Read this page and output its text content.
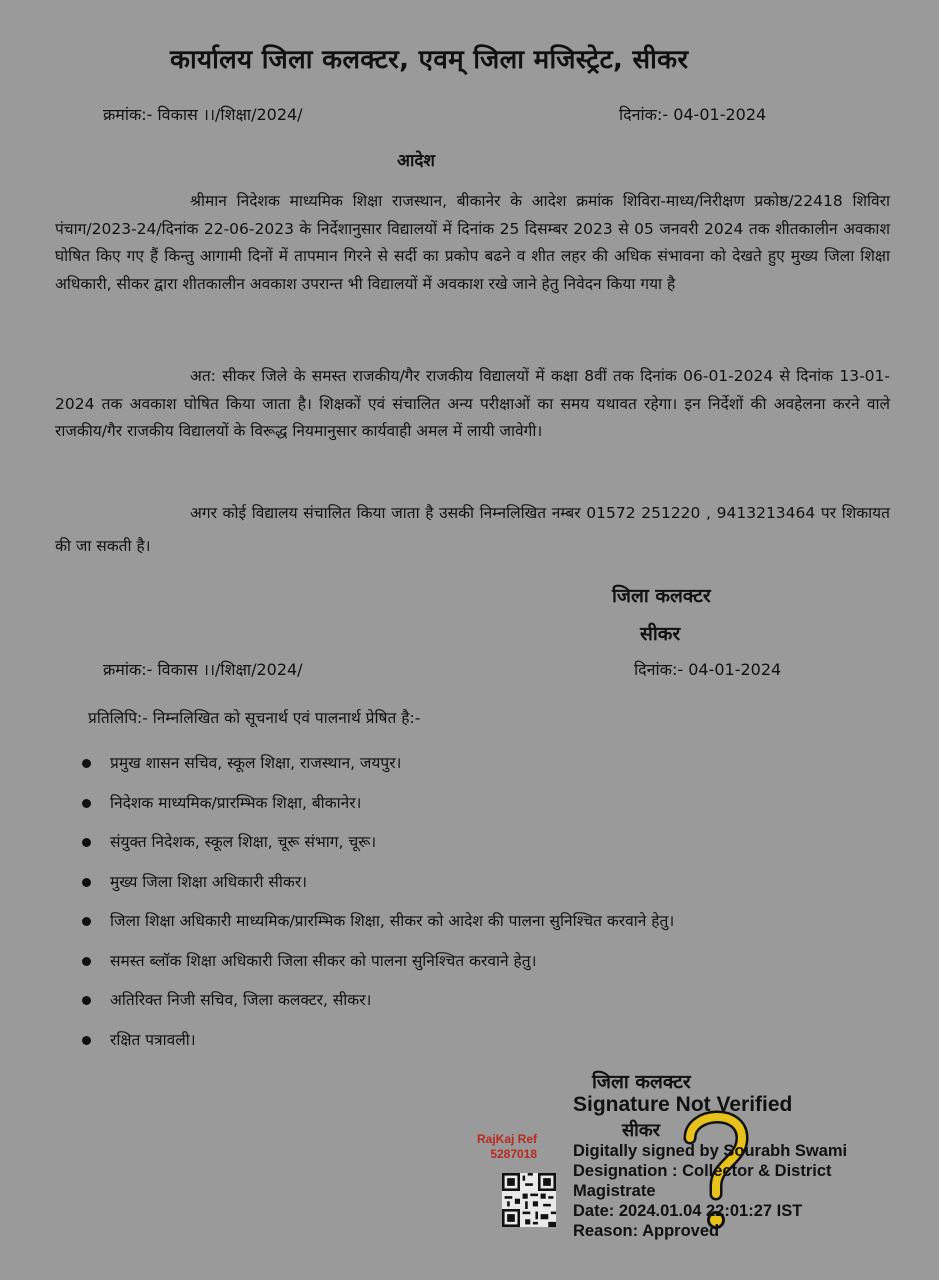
कार्यालय जिला कलक्टर, एवम् जिला मजिस्ट्रेट, सीकर
क्रमांक:- विकास ।।/शिक्षा/2024/	दिनांक:- 04-01-2024
आदेश

श्रीमान निदेशक माध्यमिक शिक्षा राजस्थान, बीकानेर के आदेश क्रमांक शिविरा-माध्य/निरीक्षण प्रकोष्ठ/22418 शिविरा पंचाग/2023-24/दिनांक 22-06-2023 के निर्देशानुसार विद्यालयों में दिनांक 25 दिसम्बर 2023 से 05 जनवरी 2024 तक शीतकालीन अवकाश घोषित किए गए हैं किन्तु आगामी दिनों में तापमान गिरने से सर्दी का प्रकोप बढने व शीत लहर की अधिक संभावना को देखते हुए मुख्य जिला शिक्षा अधिकारी, सीकर द्वारा शीतकालीन अवकाश उपरान्त भी विद्यालयों में अवकाश रखे जाने हेतु निवेदन किया गया है

अत: सीकर जिले के समस्त राजकीय/गैर राजकीय विद्यालयों में कक्षा 8वीं तक दिनांक 06-01-2024 से दिनांक 13-01-2024 तक अवकाश घोषित किया जाता है। शिक्षकों एवं संचालित अन्य परीक्षाओं का समय यथावत रहेगा। इन निर्देशों की अवहेलना करने वाले राजकीय/गैर राजकीय विद्यालयों के विरूद्ध नियमानुसार कार्यवाही अमल में लायी जावेगी।

अगर कोई विद्यालय संचालित किया जाता है उसकी निम्नलिखित नम्बर 01572 251220 , 9413213464 पर शिकायत की जा सकती है।

जिला कलक्टर
सीकर
क्रमांक:- विकास ।।/शिक्षा/2024/	दिनांक:- 04-01-2024
प्रतिलिपि:- निम्नलिखित को सूचनार्थ एवं पालनार्थ प्रेषित है:-
प्रमुख शासन सचिव, स्कूल शिक्षा, राजस्थान, जयपुर।
निदेशक माध्यमिक/प्रारम्भिक शिक्षा, बीकानेर।
संयुक्त निदेशक, स्कूल शिक्षा, चूरू संभाग, चूरू।
मुख्य जिला शिक्षा अधिकारी सीकर।
जिला शिक्षा अधिकारी माध्यमिक/प्रारम्भिक शिक्षा, सीकर को आदेश की पालना सुनिश्चित करवाने हेतु।
समस्त ब्लॉक शिक्षा अधिकारी जिला सीकर को पालना सुनिश्चित करवाने हेतु।
अतिरिक्त निजी सचिव, जिला कलक्टर, सीकर।
रक्षित पत्रावली।
RajKaj Ref
5287018
जिला कलक्टर
Signature Not Verified
सीकर
Digitally signed by Sourabh Swami
Designation : Collector & District
Magistrate
Date: 2024.01.04 22:01:27 IST
Reason: Approved
